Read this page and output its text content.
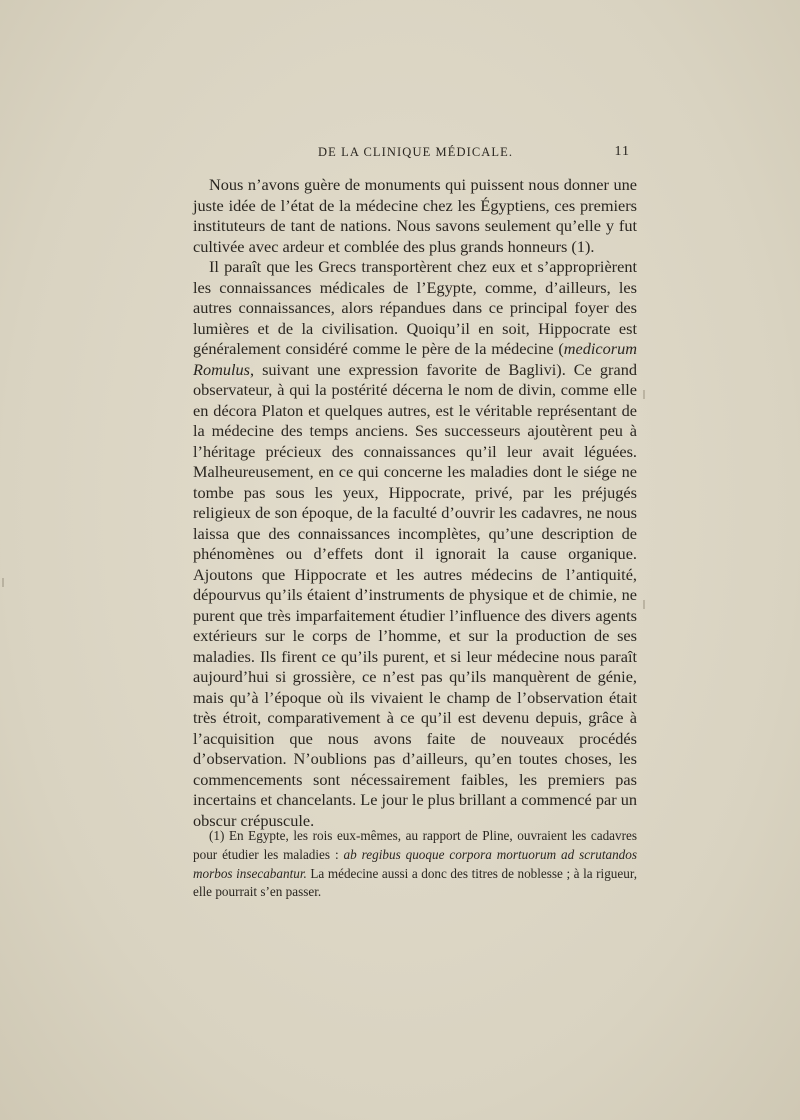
DE LA CLINIQUE MÉDICALE.	11

Nous n’avons guère de monuments qui puissent nous donner une juste idée de l’état de la médecine chez les Égyptiens, ces premiers instituteurs de tant de nations. Nous savons seulement qu’elle y fut cultivée avec ardeur et comblée des plus grands honneurs (1).

Il paraît que les Grecs transportèrent chez eux et s’approprièrent les connaissances médicales de l’Egypte, comme, d’ailleurs, les autres connaissances, alors répandues dans ce principal foyer des lumières et de la civilisation. Quoiqu’il en soit, Hippocrate est généralement considéré comme le père de la médecine (medicorum Romulus, suivant une expression favorite de Baglivi). Ce grand observateur, à qui la postérité décerna le nom de divin, comme elle en décora Platon et quelques autres, est le véritable représentant de la médecine des temps anciens. Ses successeurs ajoutèrent peu à l’héritage précieux des connaissances qu’il leur avait léguées. Malheureusement, en ce qui concerne les maladies dont le siége ne tombe pas sous les yeux, Hippocrate, privé, par les préjugés religieux de son époque, de la faculté d’ouvrir les cadavres, ne nous laissa que des connaissances incomplètes, qu’une description de phénomènes ou d’effets dont il ignorait la cause organique. Ajoutons que Hippocrate et les autres médecins de l’antiquité, dépourvus qu’ils étaient d’instruments de physique et de chimie, ne purent que très imparfaitement étudier l’influence des divers agents extérieurs sur le corps de l’homme, et sur la production de ses maladies. Ils firent ce qu’ils purent, et si leur médecine nous paraît aujourd’hui si grossière, ce n’est pas qu’ils manquèrent de génie, mais qu’à l’époque où ils vivaient le champ de l’observation était très étroit, comparativement à ce qu’il est devenu depuis, grâce à l’acquisition que nous avons faite de nouveaux procédés d’observation. N’oublions pas d’ailleurs, qu’en toutes choses, les commencements sont nécessairement faibles, les premiers pas incertains et chancelants. Le jour le plus brillant a commencé par un obscur crépuscule.

(1) En Egypte, les rois eux-mêmes, au rapport de Pline, ouvraient les cadavres pour étudier les maladies : ab regibus quoque corpora mortuorum ad scrutandos morbos insecabantur. La médecine aussi a donc des titres de noblesse ; à la rigueur, elle pourrait s’en passer.
